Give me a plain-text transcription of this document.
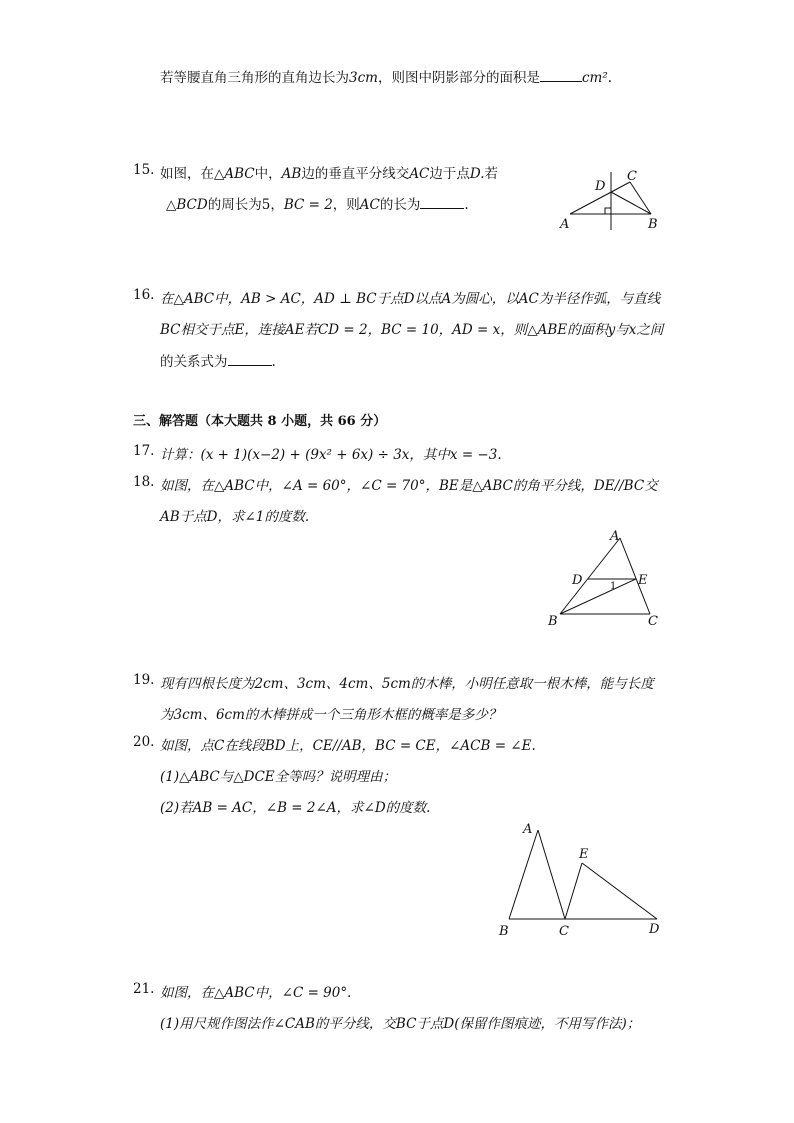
若等腰直角三角形的直角边长为3cm，则图中阴影部分的面积是	cm².
15. 如图，在△ABC中，AB边的垂直平分线交AC边于点D.若
△BCD的周长为5，BC = 2，则AC的长为	.
A	B
C
D
16. 在△ABC中，AB > AC，AD ⊥ BC于点D以点A为圆心，以AC为半径作弧，与直线
BC相交于点E，连接AE若CD = 2，BC = 10，AD = x，则△ABE的面积y与x之间
的关系式为	.
三、解答题（本大题共 8 小题，共 66 分）
17. 计算：(x + 1)(x−2) + (9x² + 6x) ÷ 3x，其中x = −3.
18. 如图，在△ABC中，∠A = 60°，∠C = 70°，BE是△ABC的角平分线，DE//BC交
AB于点D，求∠1的度数.
A
B	C
D	E
1
19. 现有四根长度为2cm、3cm、4cm、5cm的木棒，小明任意取一根木棒，能与长度
为3cm、6cm的木棒拼成一个三角形木框的概率是多少？
20. 如图，点C在线段BD上，CE//AB，BC = CE，∠ACB = ∠E.
(1)△ABC与△DCE全等吗？说明理由；
(2)若AB = AC，∠B = 2∠A，求∠D的度数.
A
B	C	D
E
21. 如图，在△ABC中，∠C = 90°.
(1)用尺规作图法作∠CAB的平分线，交BC于点D(保留作图痕迹，不用写作法)；
